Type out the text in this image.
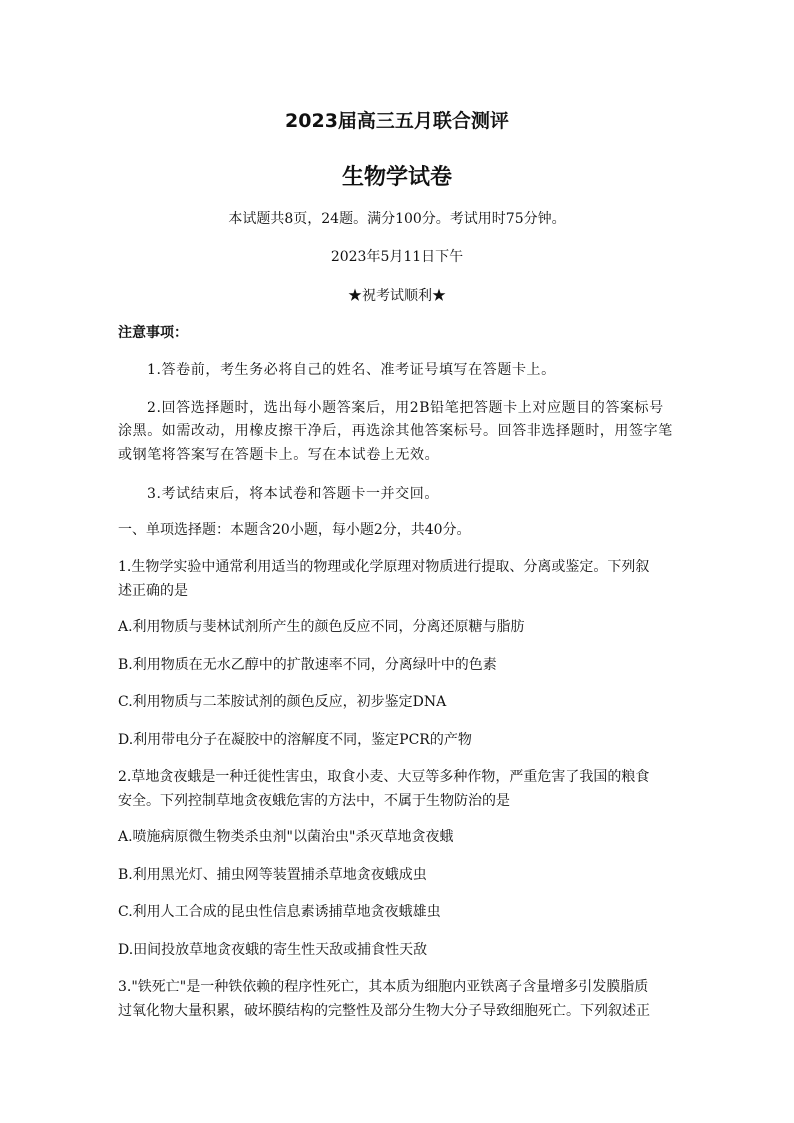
2023届高三五月联合测评
生物学试卷
本试题共8页，24题。满分100分。考试用时75分钟。
2023年5月11日下午
★祝考试顺利★
注意事项：
1.答卷前，考生务必将自己的姓名、准考证号填写在答题卡上。
2.回答选择题时，选出每小题答案后，用2B铅笔把答题卡上对应题目的答案标号
涂黑。如需改动，用橡皮擦干净后，再选涂其他答案标号。回答非选择题时，用签字笔
或钢笔将答案写在答题卡上。写在本试卷上无效。
3.考试结束后，将本试卷和答题卡一并交回。
一、单项选择题：本题含20小题，每小题2分，共40分。
1.生物学实验中通常利用适当的物理或化学原理对物质进行提取、分离或鉴定。下列叙
述正确的是
A.利用物质与斐林试剂所产生的颜色反应不同，分离还原糖与脂肪
B.利用物质在无水乙醇中的扩散速率不同，分离绿叶中的色素
C.利用物质与二苯胺试剂的颜色反应，初步鉴定DNA
D.利用带电分子在凝胶中的溶解度不同，鉴定PCR的产物
2.草地贪夜蛾是一种迁徙性害虫，取食小麦、大豆等多种作物，严重危害了我国的粮食
安全。下列控制草地贪夜蛾危害的方法中，不属于生物防治的是
A.喷施病原微生物类杀虫剂"以菌治虫"杀灭草地贪夜蛾
B.利用黑光灯、捕虫网等装置捕杀草地贪夜蛾成虫
C.利用人工合成的昆虫性信息素诱捕草地贪夜蛾雄虫
D.田间投放草地贪夜蛾的寄生性天敌或捕食性天敌
3."铁死亡"是一种铁依赖的程序性死亡，其本质为细胞内亚铁离子含量增多引发膜脂质
过氧化物大量积累，破坏膜结构的完整性及部分生物大分子导致细胞死亡。下列叙述正
